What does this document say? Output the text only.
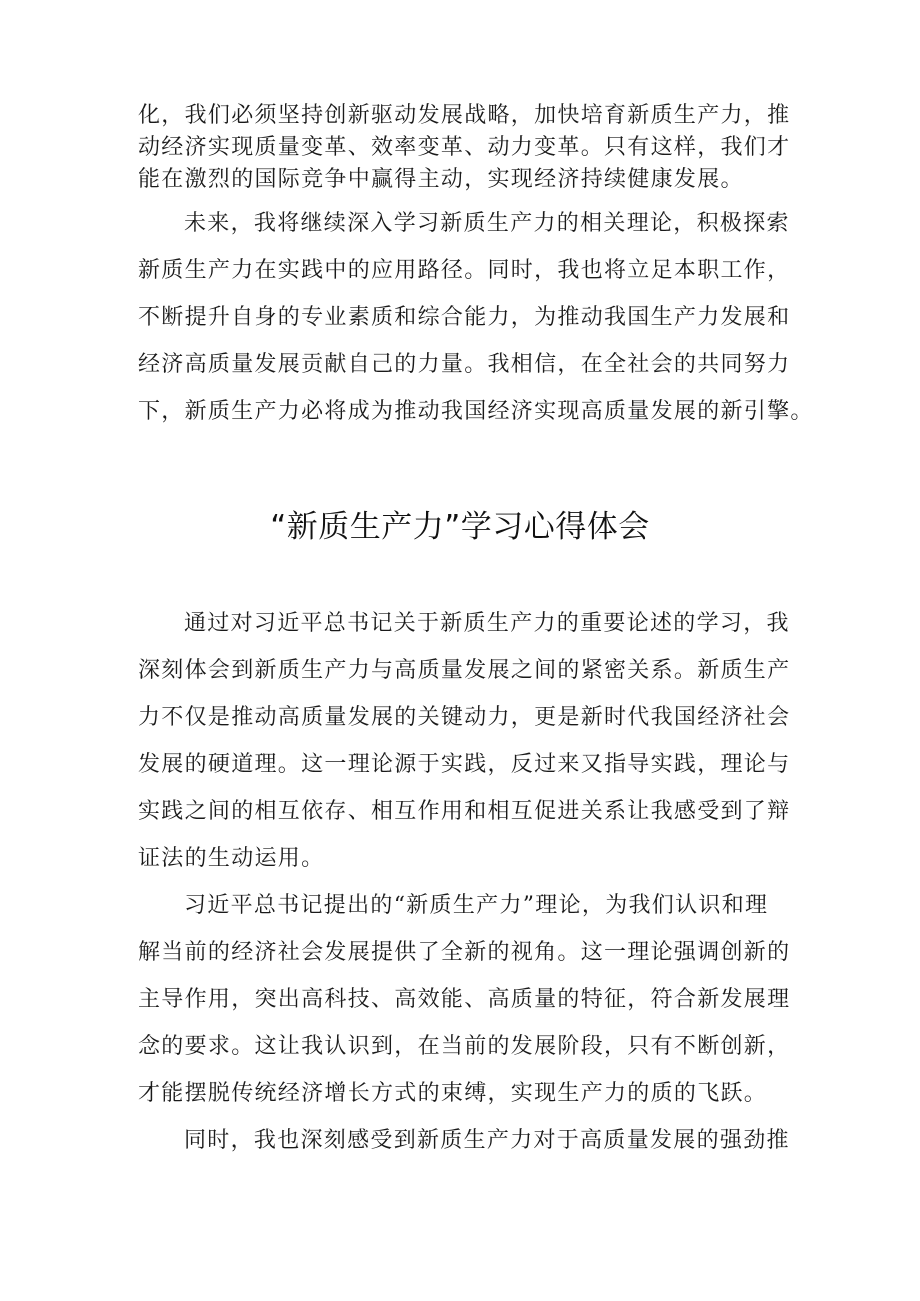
化，我们必须坚持创新驱动发展战略，加快培育新质生产力，推
动经济实现质量变革、效率变革、动力变革。只有这样，我们才
能在激烈的国际竞争中赢得主动，实现经济持续健康发展。
未来，我将继续深入学习新质生产力的相关理论，积极探索
新质生产力在实践中的应用路径。同时，我也将立足本职工作，
不断提升自身的专业素质和综合能力，为推动我国生产力发展和
经济高质量发展贡献自己的力量。我相信，在全社会的共同努力
下，新质生产力必将成为推动我国经济实现高质量发展的新引擎。
“新质生产力”学习心得体会
通过对习近平总书记关于新质生产力的重要论述的学习，我
深刻体会到新质生产力与高质量发展之间的紧密关系。新质生产
力不仅是推动高质量发展的关键动力，更是新时代我国经济社会
发展的硬道理。这一理论源于实践，反过来又指导实践，理论与
实践之间的相互依存、相互作用和相互促进关系让我感受到了辩
证法的生动运用。
习近平总书记提出的“新质生产力”理论，为我们认识和理
解当前的经济社会发展提供了全新的视角。这一理论强调创新的
主导作用，突出高科技、高效能、高质量的特征，符合新发展理
念的要求。这让我认识到，在当前的发展阶段，只有不断创新，
才能摆脱传统经济增长方式的束缚，实现生产力的质的飞跃。
同时，我也深刻感受到新质生产力对于高质量发展的强劲推
